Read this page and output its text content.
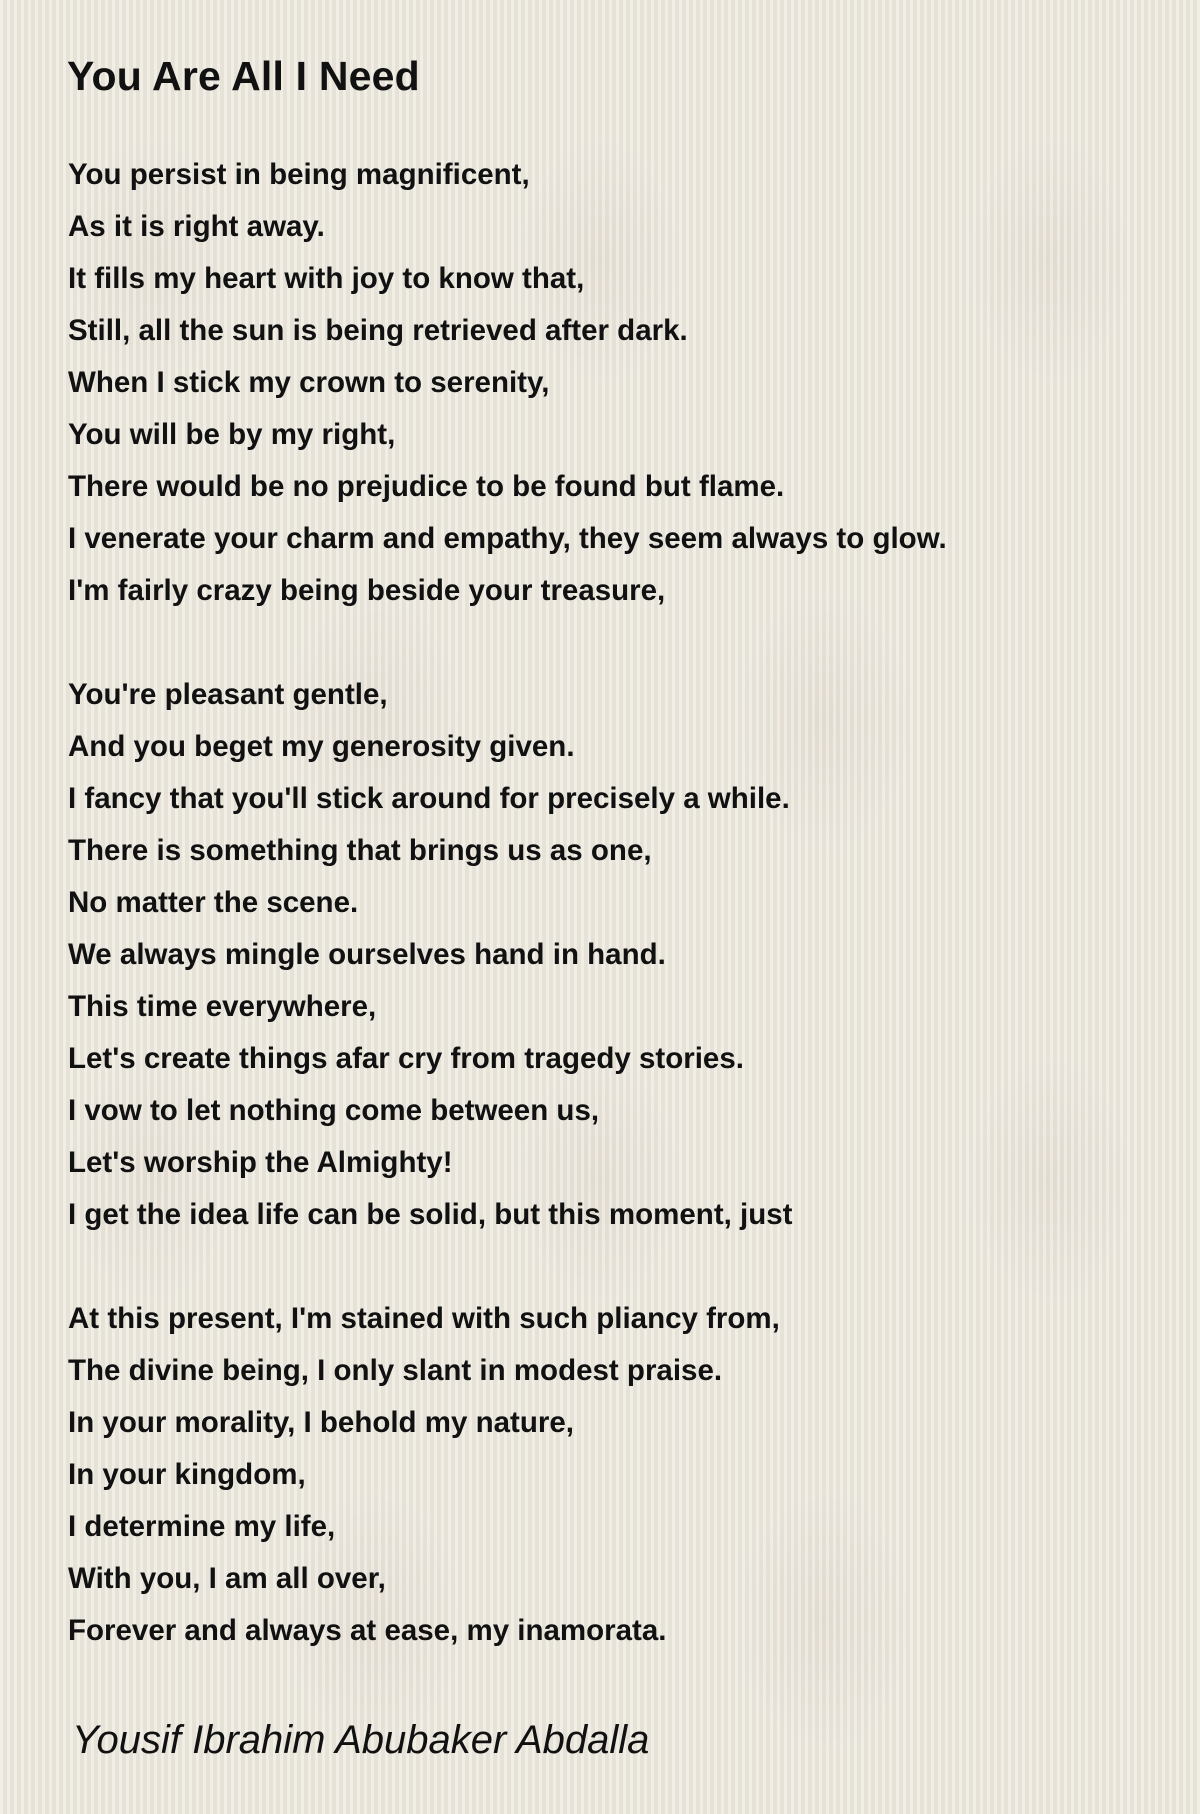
You Are All I Need
You persist in being magnificent,
As it is right away.
It fills my heart with joy to know that,
Still, all the sun is being retrieved after dark.
When I stick my crown to serenity,
You will be by my right,
There would be no prejudice to be found but flame.
I venerate your charm and empathy, they seem always to glow.
I'm fairly crazy being beside your treasure,
You're pleasant gentle,
And you beget my generosity given.
I fancy that you'll stick around for precisely a while.
There is something that brings us as one,
No matter the scene.
We always mingle ourselves hand in hand.
This time everywhere,
Let's create things afar cry from tragedy stories.
I vow to let nothing come between us,
Let's worship the Almighty!
I get the idea life can be solid, but this moment, just
At this present, I'm stained with such pliancy from,
The divine being, I only slant in modest praise.
In your morality, I behold my nature,
In your kingdom,
I determine my life,
With you, I am all over,
Forever and always at ease, my inamorata.
Yousif Ibrahim Abubaker Abdalla
